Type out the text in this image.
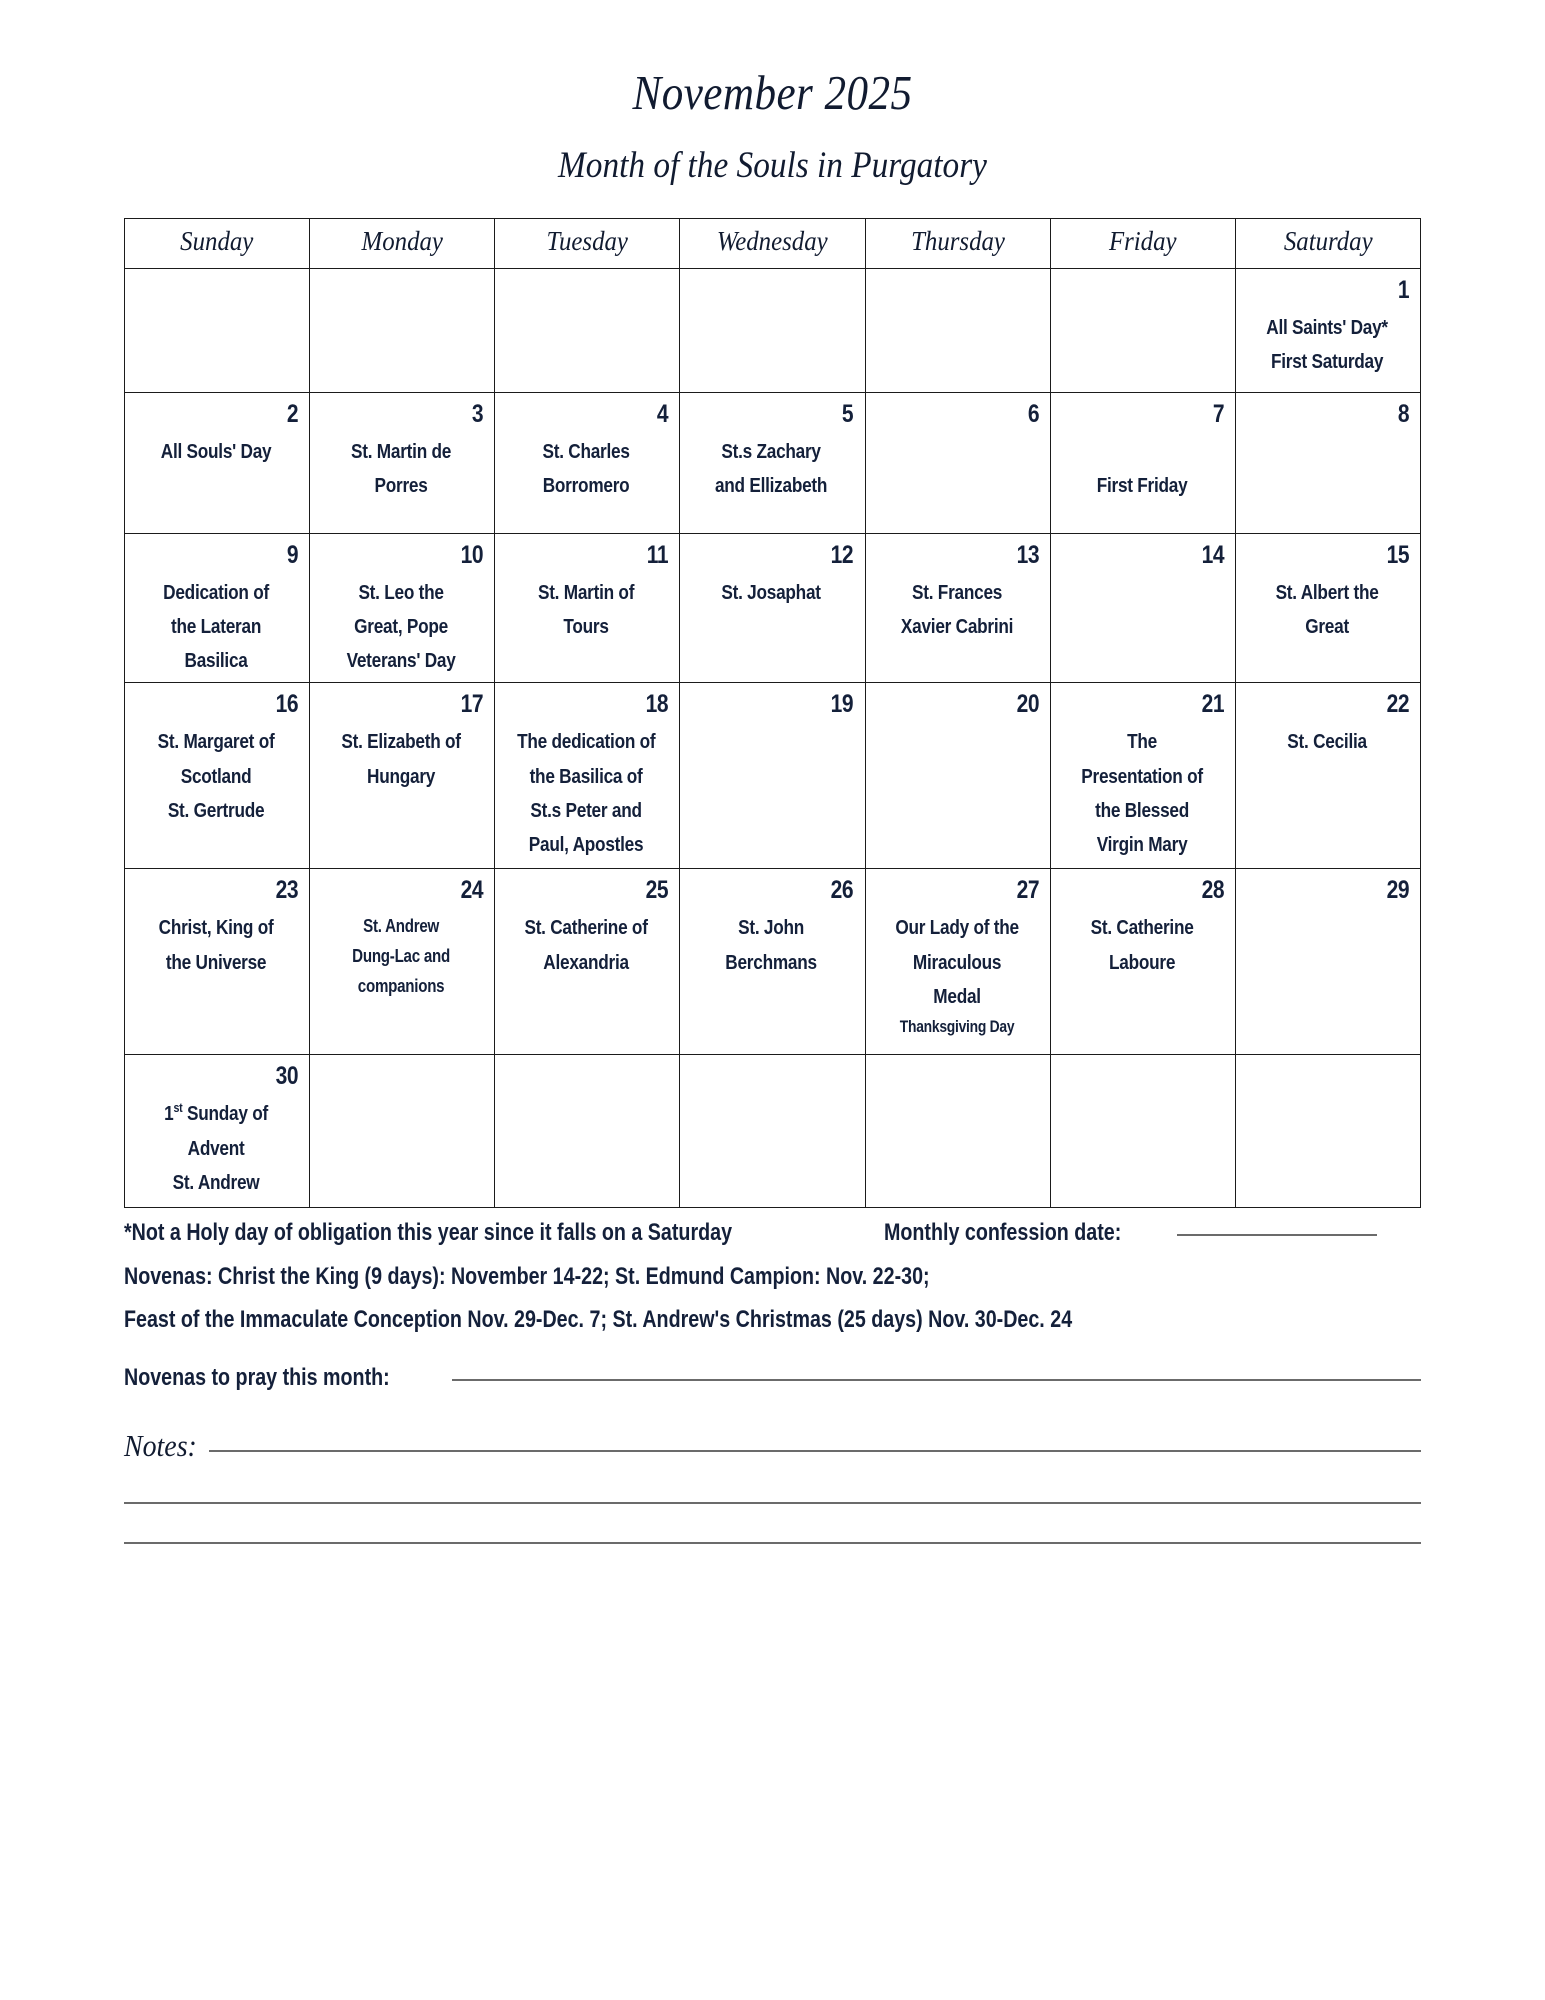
November 2025
Month of the Souls in Purgatory
Sunday	Monday	Tuesday	Wednesday	Thursday	Friday	Saturday

						1
All Saints' Day*
First Saturday

2
All Souls' Day	3
St. Martin de
Porres	4
St. Charles
Borromero	5
St.s Zachary
and Ellizabeth	6	7
First Friday	8

9
Dedication of
the Lateran
Basilica	10
St. Leo the
Great, Pope
Veterans' Day	11
St. Martin of
Tours	12
St. Josaphat	13
St. Frances
Xavier Cabrini	14	15
St. Albert the
Great

16
St. Margaret of
Scotland
St. Gertrude	17
St. Elizabeth of
Hungary	18
The dedication of
the Basilica of
St.s Peter and
Paul, Apostles	19	20	21
The
Presentation of
the Blessed
Virgin Mary	22
St. Cecilia

23
Christ, King of
the Universe	24
St. Andrew
Dung-Lac and
companions	25
St. Catherine of
Alexandria	26
St. John
Berchmans	27
Our Lady of the
Miraculous
Medal
Thanksgiving Day	28
St. Catherine
Laboure	29

30
1st Sunday of
Advent
St. Andrew						

*Not a Holy day of obligation this year since it falls on a Saturday	Monthly confession date:
Novenas: Christ the King (9 days): November 14-22; St. Edmund Campion: Nov. 22-30;
Feast of the Immaculate Conception Nov. 29-Dec. 7; St. Andrew's Christmas (25 days) Nov. 30-Dec. 24
Novenas to pray this month:
Notes:
